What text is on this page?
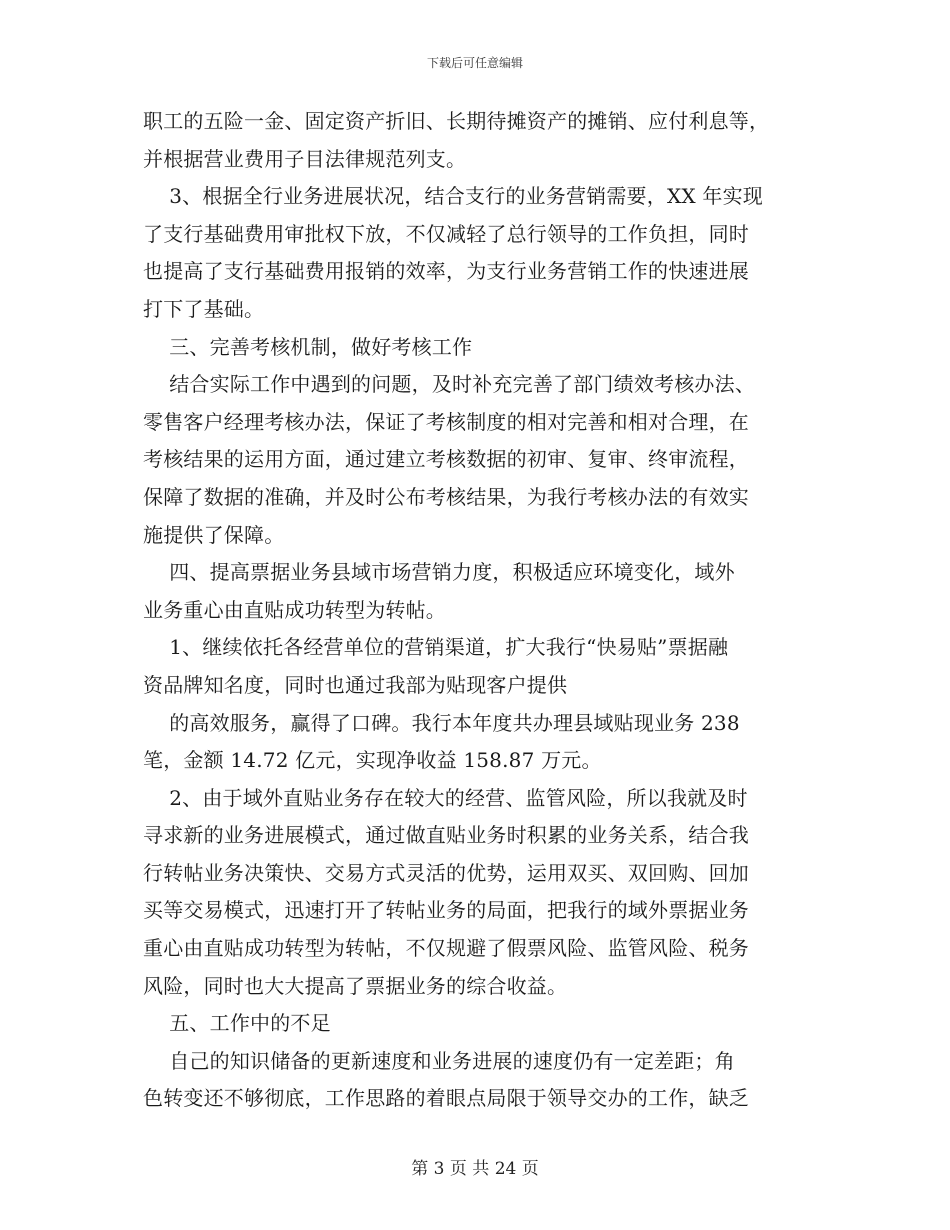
下载后可任意编辑

职工的五险一金、固定资产折旧、长期待摊资产的摊销、应付利息等，

并根据营业费用子目法律规范列支。

3、根据全行业务进展状况，结合支行的业务营销需要，XX 年实现

了支行基础费用审批权下放，不仅减轻了总行领导的工作负担，同时

也提高了支行基础费用报销的效率，为支行业务营销工作的快速进展

打下了基础。

三、完善考核机制，做好考核工作

结合实际工作中遇到的问题，及时补充完善了部门绩效考核办法、

零售客户经理考核办法，保证了考核制度的相对完善和相对合理，在

考核结果的运用方面，通过建立考核数据的初审、复审、终审流程，

保障了数据的准确，并及时公布考核结果，为我行考核办法的有效实

施提供了保障。

四、提高票据业务县域市场营销力度，积极适应环境变化，域外

业务重心由直贴成功转型为转帖。

1、继续依托各经营单位的营销渠道，扩大我行“快易贴”票据融

资品牌知名度，同时也通过我部为贴现客户提供

的高效服务，赢得了口碑。我行本年度共办理县域贴现业务 238

笔，金额 14.72 亿元，实现净收益 158.87 万元。

2、由于域外直贴业务存在较大的经营、监管风险，所以我就及时

寻求新的业务进展模式，通过做直贴业务时积累的业务关系，结合我

行转帖业务决策快、交易方式灵活的优势，运用双买、双回购、回加

买等交易模式，迅速打开了转帖业务的局面，把我行的域外票据业务

重心由直贴成功转型为转帖，不仅规避了假票风险、监管风险、税务

风险，同时也大大提高了票据业务的综合收益。

五、工作中的不足

自己的知识储备的更新速度和业务进展的速度仍有一定差距；角

色转变还不够彻底，工作思路的着眼点局限于领导交办的工作，缺乏

第 3 页 共 24 页
